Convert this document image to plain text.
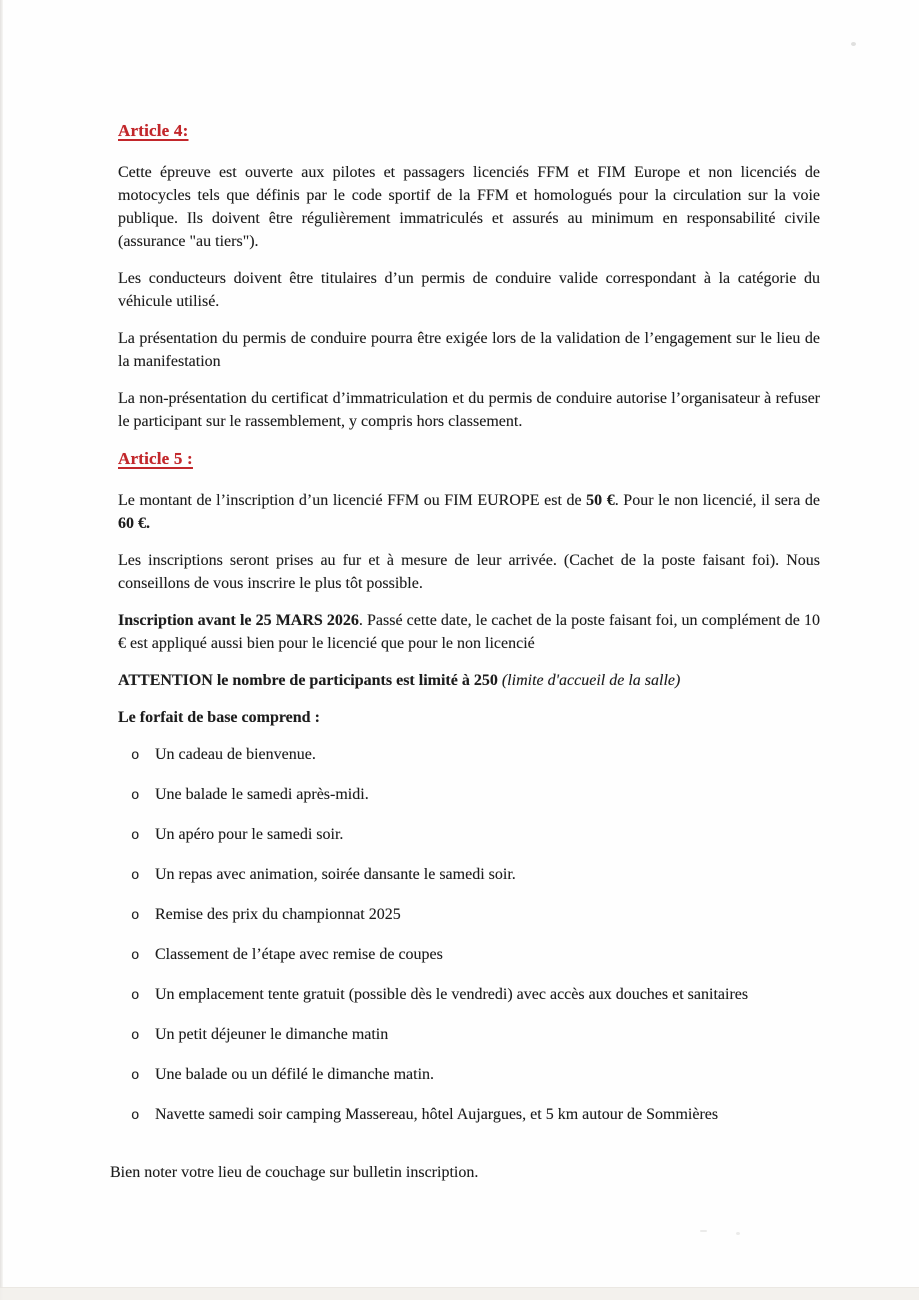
Article 4:

Cette épreuve est ouverte aux pilotes et passagers licenciés FFM et FIM Europe et non licenciés de motocycles tels que définis par le code sportif de la FFM et homologués pour la circulation sur la voie publique. Ils doivent être régulièrement immatriculés et assurés au minimum en responsabilité civile (assurance "au tiers").

Les conducteurs doivent être titulaires d’un permis de conduire valide correspondant à la catégorie du véhicule utilisé.

La présentation du permis de conduire pourra être exigée lors de la validation de l’engagement sur le lieu de la manifestation

La non-présentation du certificat d’immatriculation et du permis de conduire autorise l’organisateur à refuser le participant sur le rassemblement, y compris hors classement.

Article 5 :

Le montant de l’inscription d’un licencié FFM ou FIM EUROPE est de 50 €. Pour le non licencié, il sera de 60 €.

Les inscriptions seront prises au fur et à mesure de leur arrivée. (Cachet de la poste faisant foi). Nous conseillons de vous inscrire le plus tôt possible.

Inscription avant le 25 MARS 2026. Passé cette date, le cachet de la poste faisant foi, un complément de 10 € est appliqué aussi bien pour le licencié que pour le non licencié

ATTENTION le nombre de participants est limité à 250 (limite d'accueil de la salle)

Le forfait de base comprend :

o Un cadeau de bienvenue.
o Une balade le samedi après-midi.
o Un apéro pour le samedi soir.
o Un repas avec animation, soirée dansante le samedi soir.
o Remise des prix du championnat 2025
o Classement de l’étape avec remise de coupes
o Un emplacement tente gratuit (possible dès le vendredi) avec accès aux douches et sanitaires
o Un petit déjeuner le dimanche matin
o Une balade ou un défilé le dimanche matin.
o Navette samedi soir camping Massereau, hôtel Aujargues, et 5 km autour de Sommières

Bien noter votre lieu de couchage sur bulletin inscription.
